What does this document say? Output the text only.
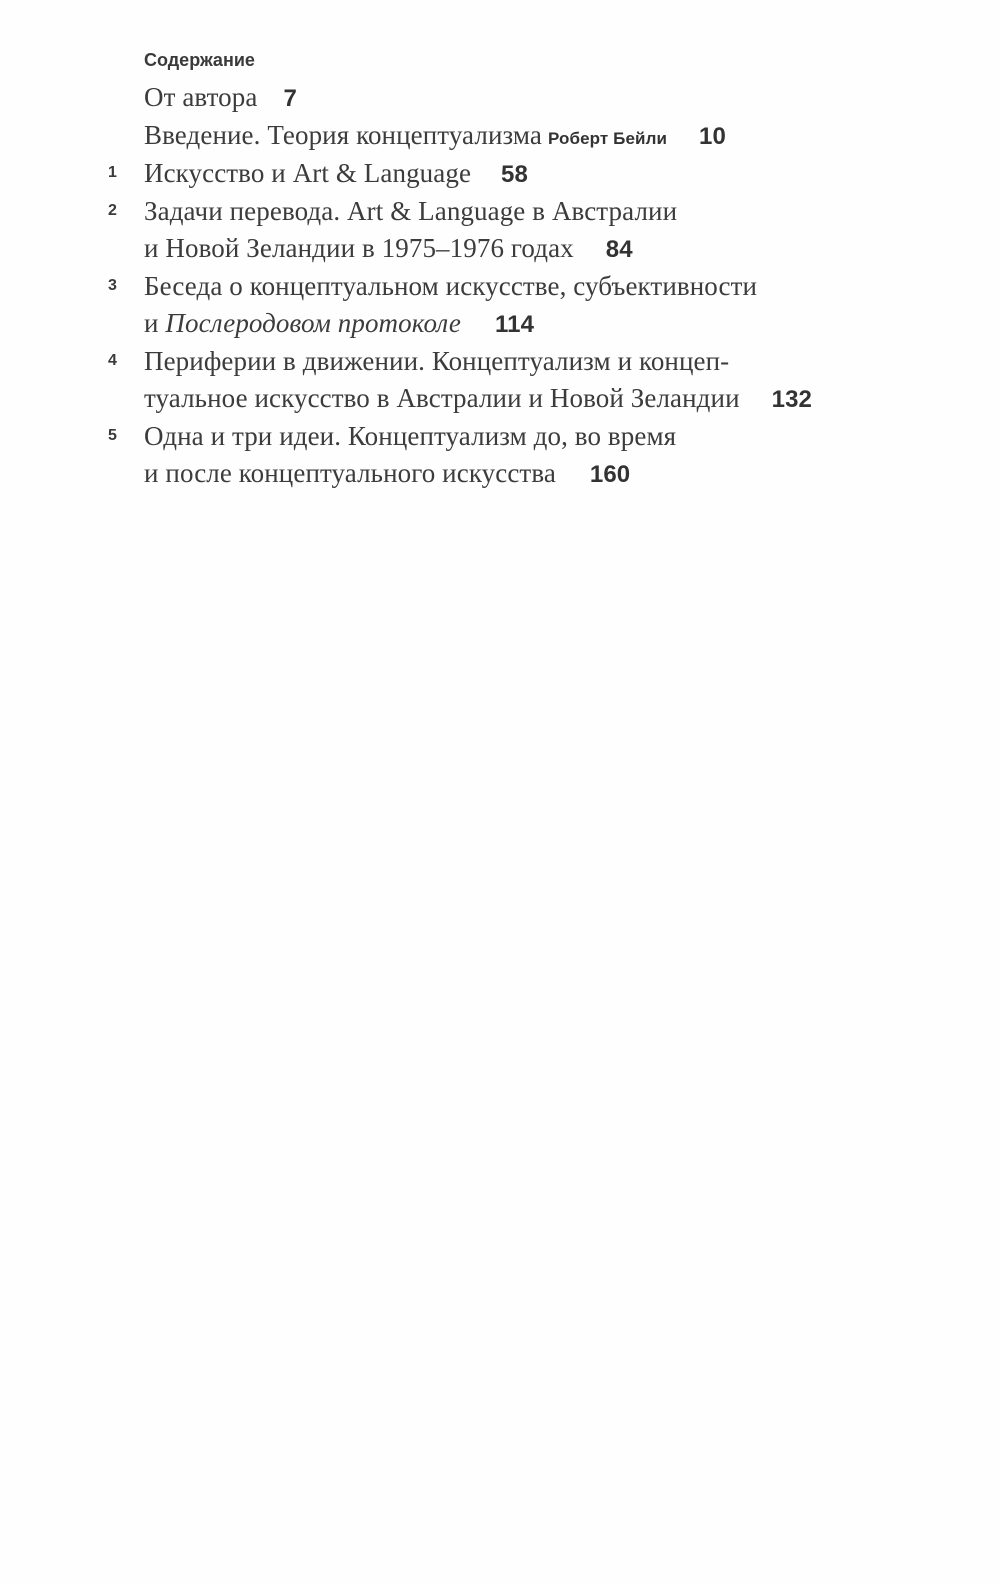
Содержание
От автора 7
Введение. Теория концептуализма Роберт Бейли 10
1 Искусство и Art & Language 58
2 Задачи перевода. Art & Language в Австралии
и Новой Зеландии в 1975–1976 годах 84
3 Беседа о концептуальном искусстве, субъективности
и Послеродовом протоколе 114
4 Периферии в движении. Концептуализм и концеп-
туальное искусство в Австралии и Новой Зеландии 132
5 Одна и три идеи. Концептуализм до, во время
и после концептуального искусства 160
